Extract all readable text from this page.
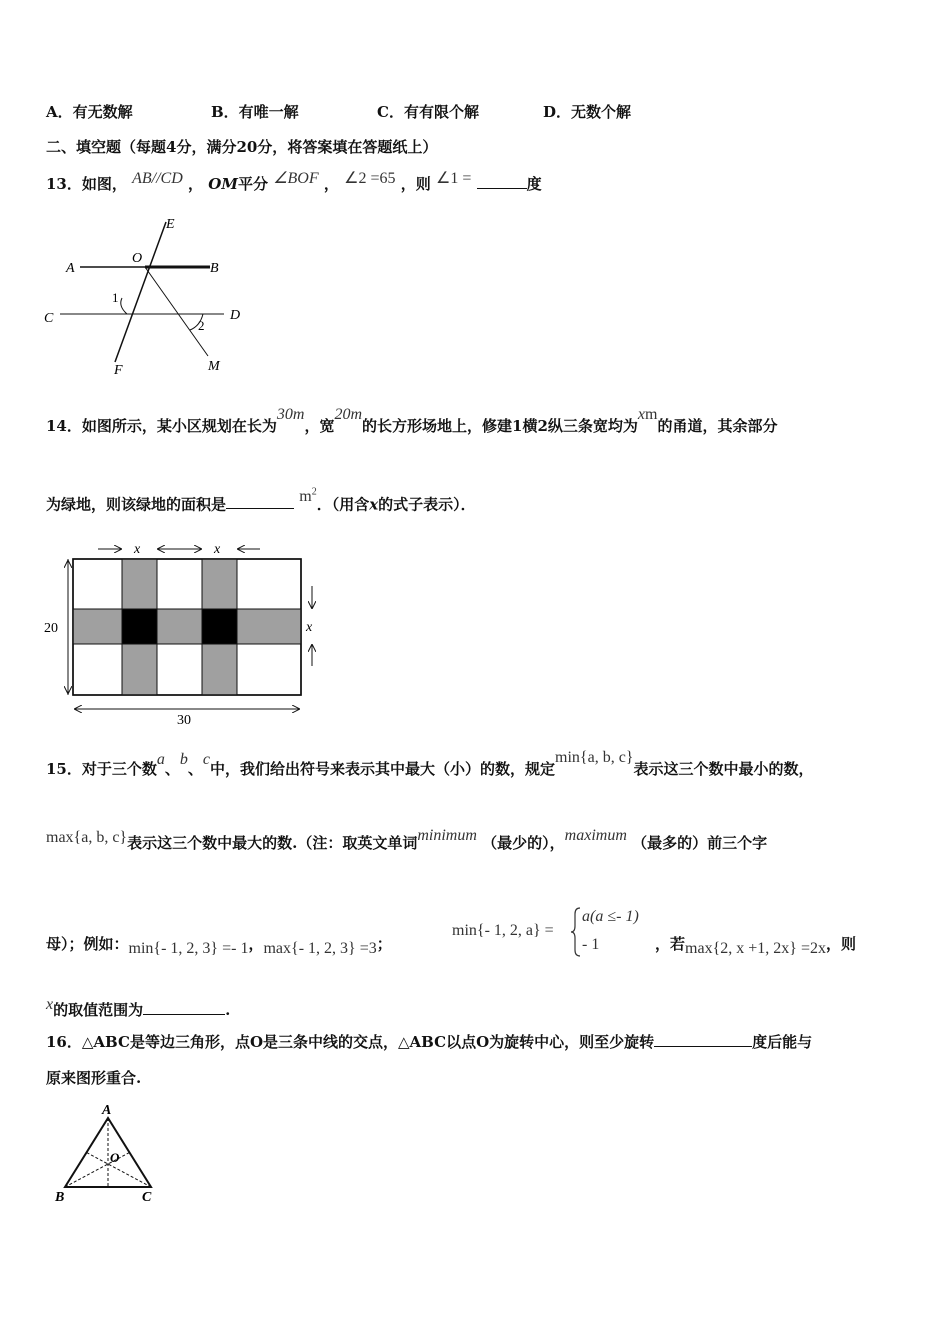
A．有无数解	B．有唯一解	C．有有限个解	D．无数个解
二、填空题（每题4分，满分20分，将答案填在答题纸上）
13．如图， AB//CD ， OM平分 ∠BOF ， ∠2 =65 ，则 ∠1 =	度
E
O
A	B
C	D
F	M
1
2
14．如图所示，某小区规划在长为30m，宽20m的长方形场地上，修建1横2纵三条宽均为xm的甬道，其余部分
为绿地，则该绿地的面积是	$m^2$．（用含x的式子表示）．
x	x
x
20
30
15．对于三个数a、b、c中，我们给出符号来表示其中最大（小）的数，规定min{a, b, c}表示这三个数中最小的数，
max{a, b, c}表示这三个数中最大的数.（注：取英文单词minimum （最少的），maximum （最多的）前三个字
母）；例如：min{- 1, 2, 3} =- 1，max{- 1, 2, 3} =3；
min{- 1, 2, a} =
a(a ≤- 1)
- 1	，若max{2, x +1, 2x} =2x，则
x的取值范围为	.
16．△ABC是等边三角形，点O是三条中线的交点，△ABC以点O为旋转中心，则至少旋转	度后能与
原来图形重合.
A
B	C
O
